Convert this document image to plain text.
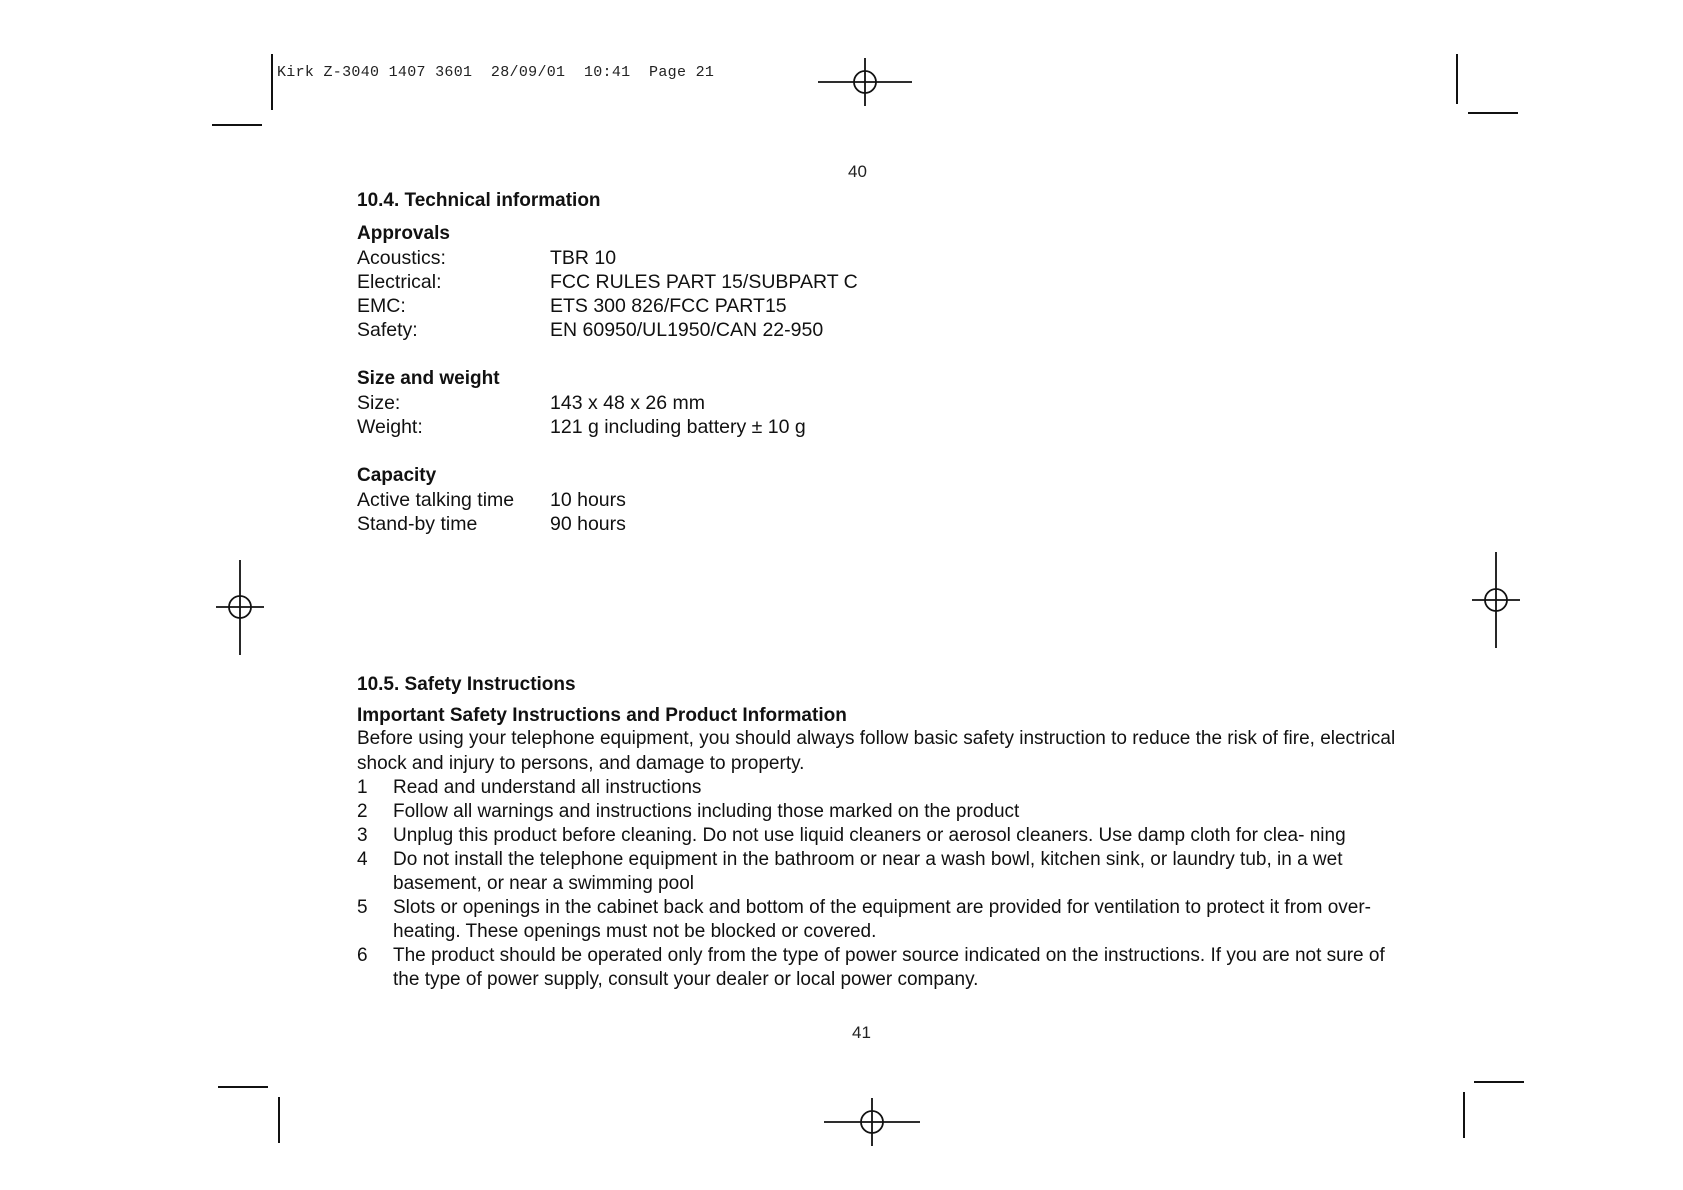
Kirk Z-3040 1407 3601  28/09/01  10:41  Page 21
40
10.4. Technical information
Approvals
Acoustics:	TBR 10
Electrical:	FCC RULES PART 15/SUBPART C
EMC:	ETS 300 826/FCC PART15
Safety:	EN 60950/UL1950/CAN 22-950
Size and weight
Size:	143 x 48 x 26 mm
Weight:	121 g including battery ± 10 g
Capacity
Active talking time	10 hours
Stand-by time	90 hours
10.5. Safety Instructions
Important Safety Instructions and Product Information
Before using your telephone equipment, you should always follow basic safety instruction to reduce the risk of fire, electrical shock and injury to persons, and damage to property.
1	Read and understand all instructions
2	Follow all warnings and instructions including those marked on the product
3	Unplug this product before cleaning. Do not use liquid cleaners or aerosol cleaners. Use damp cloth for clea- ning
4	Do not install the telephone equipment in the bathroom or near a wash bowl, kitchen sink, or laundry tub, in a wet basement, or near a swimming pool
5	Slots or openings in the cabinet back and bottom of the equipment are provided for ventilation to protect it from over-heating. These openings must not be blocked or covered.
6	The product should be operated only from the type of power source indicated on the instructions. If you are not sure of the type of power supply, consult your dealer or local power company.
41
